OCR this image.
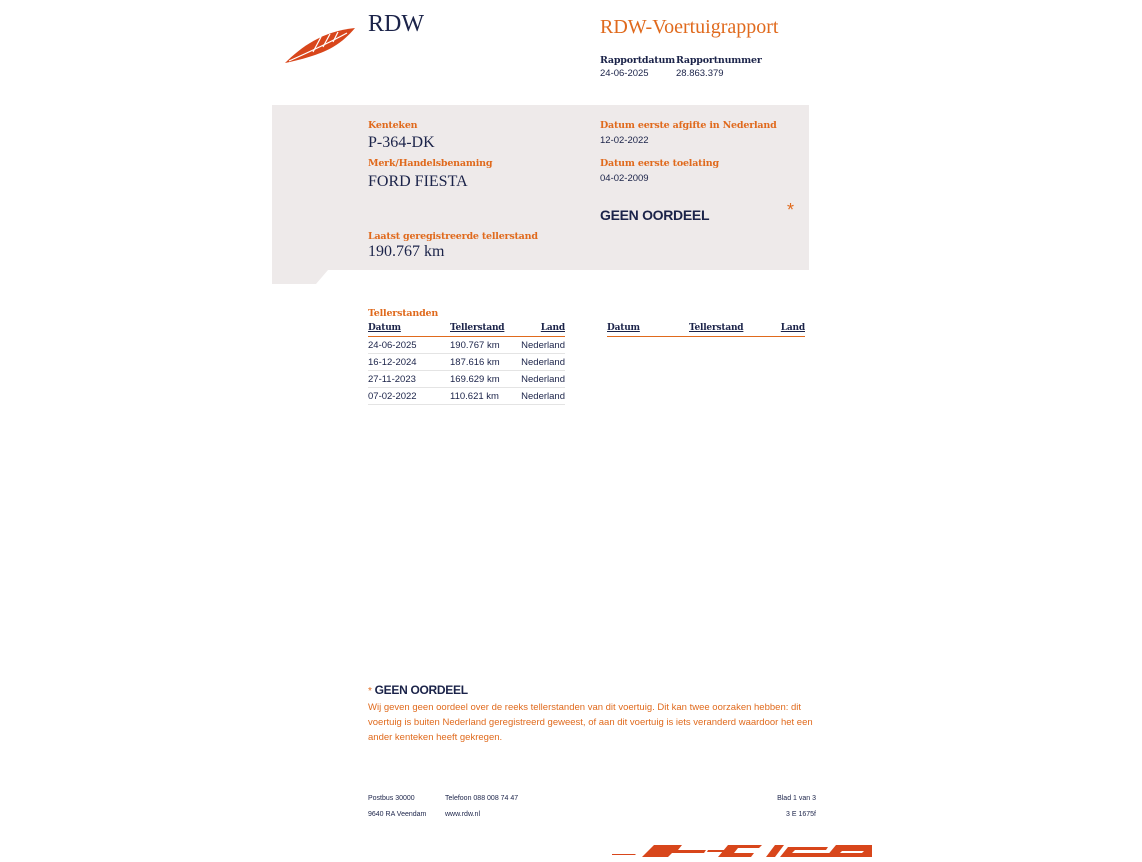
RDW	RDW-Voertuigrapport
Rapportdatum
24-06-2025
Rapportnummer
28.863.379
Kenteken
P-364-DK
Merk/Handelsbenaming
FORD FIESTA
Laatst geregistreerde tellerstand
190.767 km
Datum eerste afgifte in Nederland
12-02-2022
Datum eerste toelating
04-02-2009
GEEN OORDEEL	*
Tellerstanden
Datum	Tellerstand	Land
24-06-2025	190.767 km	Nederland
16-12-2024	187.616 km	Nederland
27-11-2023	169.629 km	Nederland
07-02-2022	110.621 km	Nederland
Datum	Tellerstand	Land
* GEEN OORDEEL
Wij geven geen oordeel over de reeks tellerstanden van dit voertuig. Dit kan twee oorzaken hebben: dit voertuig is buiten Nederland geregistreerd geweest, of aan dit voertuig is iets veranderd waardoor het een ander kenteken heeft gekregen.
Postbus 30000
9640 RA Veendam
Telefoon 088 008 74 47
www.rdw.nl
Blad 1 van 3
3 E 1675f
